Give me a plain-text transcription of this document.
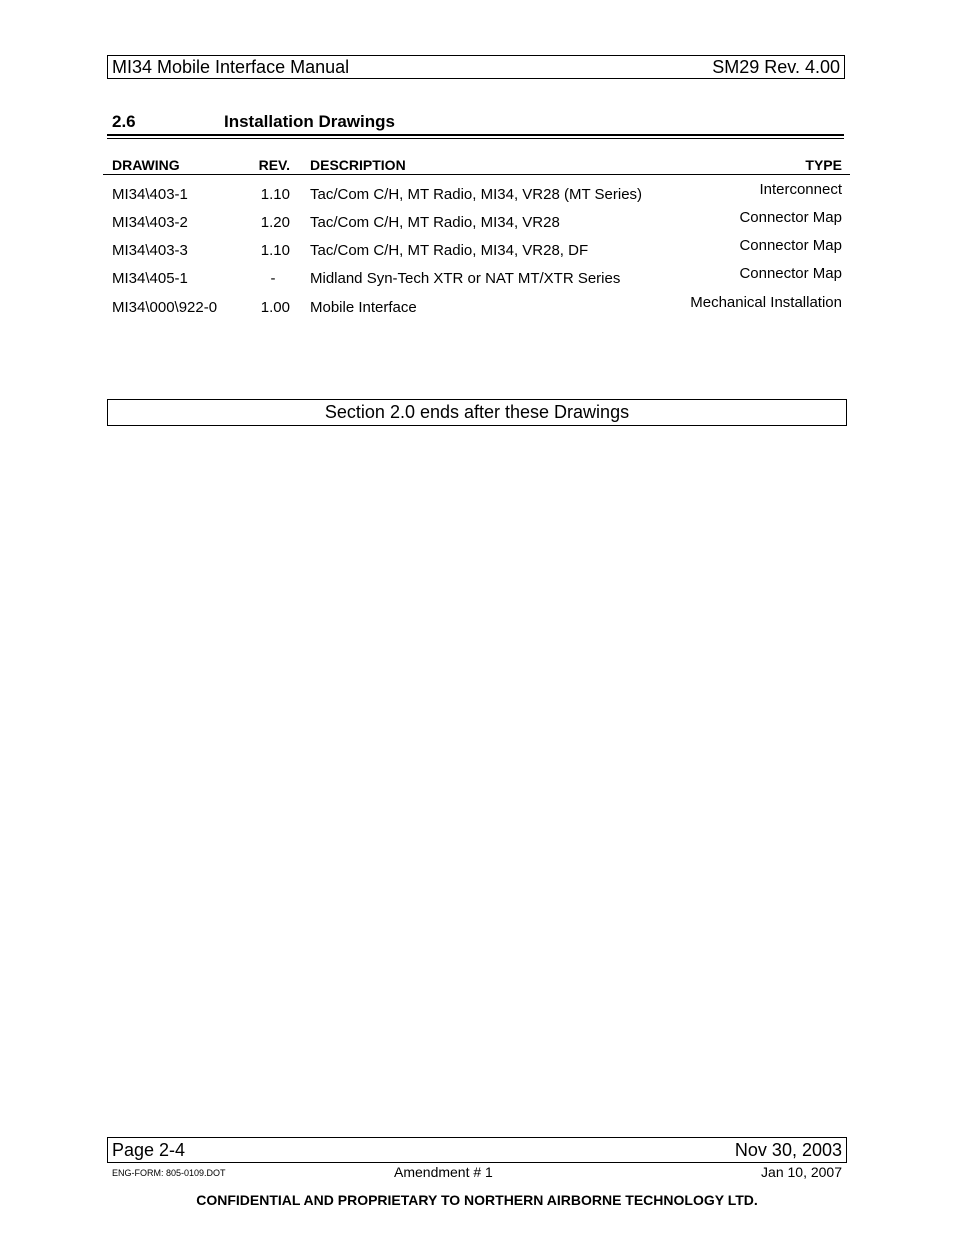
MI34 Mobile Interface Manual	SM29 Rev. 4.00
2.6	Installation Drawings
DRAWING	REV. DESCRIPTION	TYPE
MI34\403-1	1.10 Tac/Com C/H, MT Radio, MI34, VR28 (MT Series)	Interconnect
MI34\403-2	1.20 Tac/Com C/H, MT Radio, MI34, VR28	Connector Map
MI34\403-3	1.10 Tac/Com C/H, MT Radio, MI34, VR28, DF	Connector Map
MI34\405-1	-	Midland Syn-Tech XTR or NAT MT/XTR Series	Connector Map
MI34\000\922-0	1.00 Mobile Interface	Mechanical Installation
Section 2.0 ends after these Drawings
Page 2-4	Nov 30, 2003
ENG-FORM: 805-0109.DOT	Amendment # 1	Jan 10, 2007
CONFIDENTIAL AND PROPRIETARY TO NORTHERN AIRBORNE TECHNOLOGY LTD.
